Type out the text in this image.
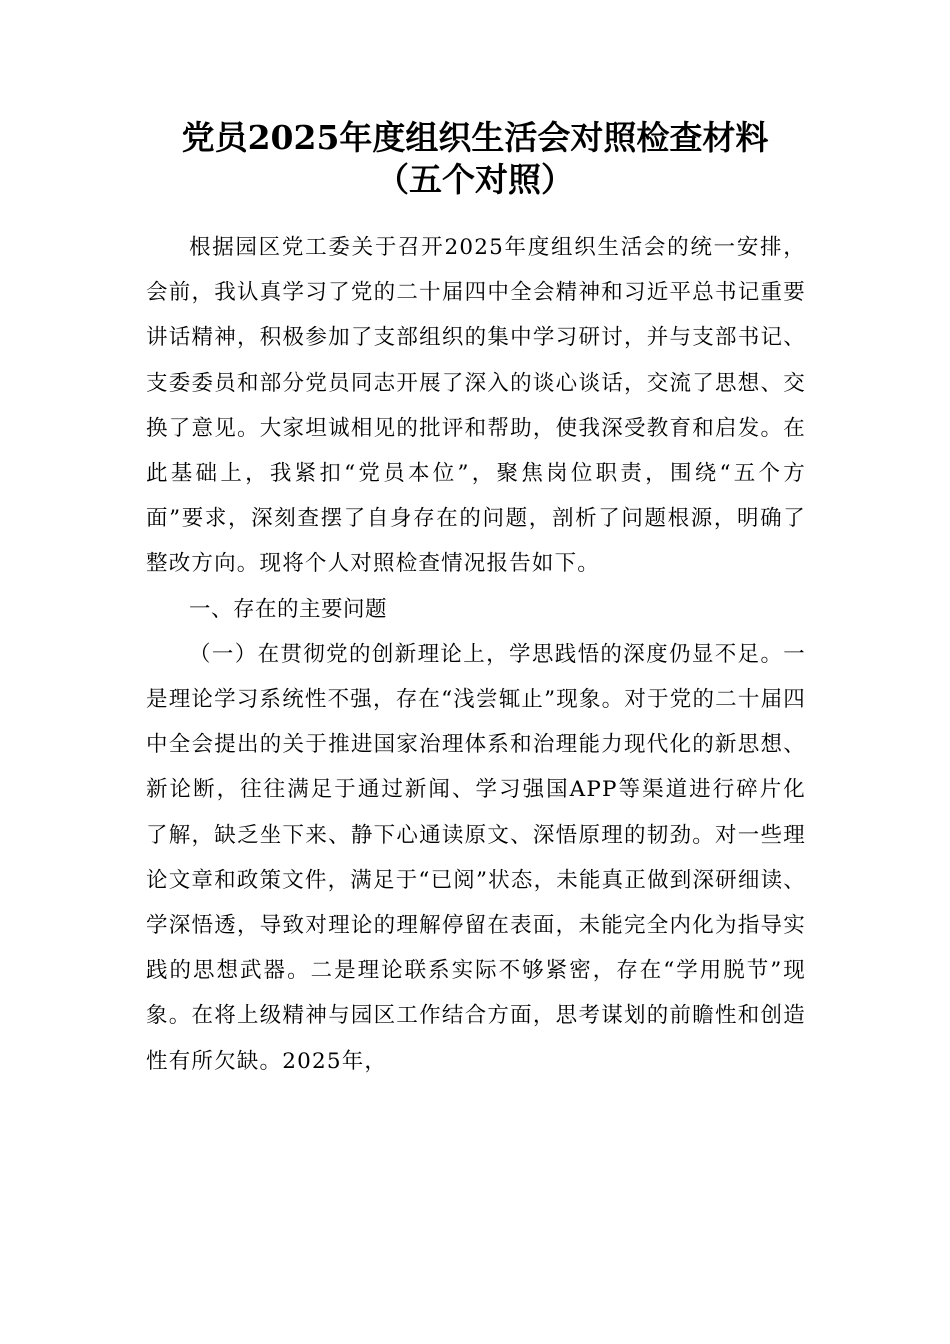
党员2025年度组织生活会对照检查材料
（五个对照）

根据园区党工委关于召开2025年度组织生活会的统一安排，会前，我认真学习了党的二十届四中全会精神和习近平总书记重要讲话精神，积极参加了支部组织的集中学习研讨，并与支部书记、支委委员和部分党员同志开展了深入的谈心谈话，交流了思想、交换了意见。大家坦诚相见的批评和帮助，使我深受教育和启发。在此基础上，我紧扣“党员本位”，聚焦岗位职责，围绕“五个方面”要求，深刻查摆了自身存在的问题，剖析了问题根源，明确了整改方向。现将个人对照检查情况报告如下。

一、存在的主要问题

（一）在贯彻党的创新理论上，学思践悟的深度仍显不足。一是理论学习系统性不强，存在“浅尝辄止”现象。对于党的二十届四中全会提出的关于推进国家治理体系和治理能力现代化的新思想、新论断，往往满足于通过新闻、学习强国APP等渠道进行碎片化了解，缺乏坐下来、静下心通读原文、深悟原理的韧劲。对一些理论文章和政策文件，满足于“已阅”状态，未能真正做到深研细读、学深悟透，导致对理论的理解停留在表面，未能完全内化为指导实践的思想武器。二是理论联系实际不够紧密，存在“学用脱节”现象。在将上级精神与园区工作结合方面，思考谋划的前瞻性和创造性有所欠缺。2025年，
